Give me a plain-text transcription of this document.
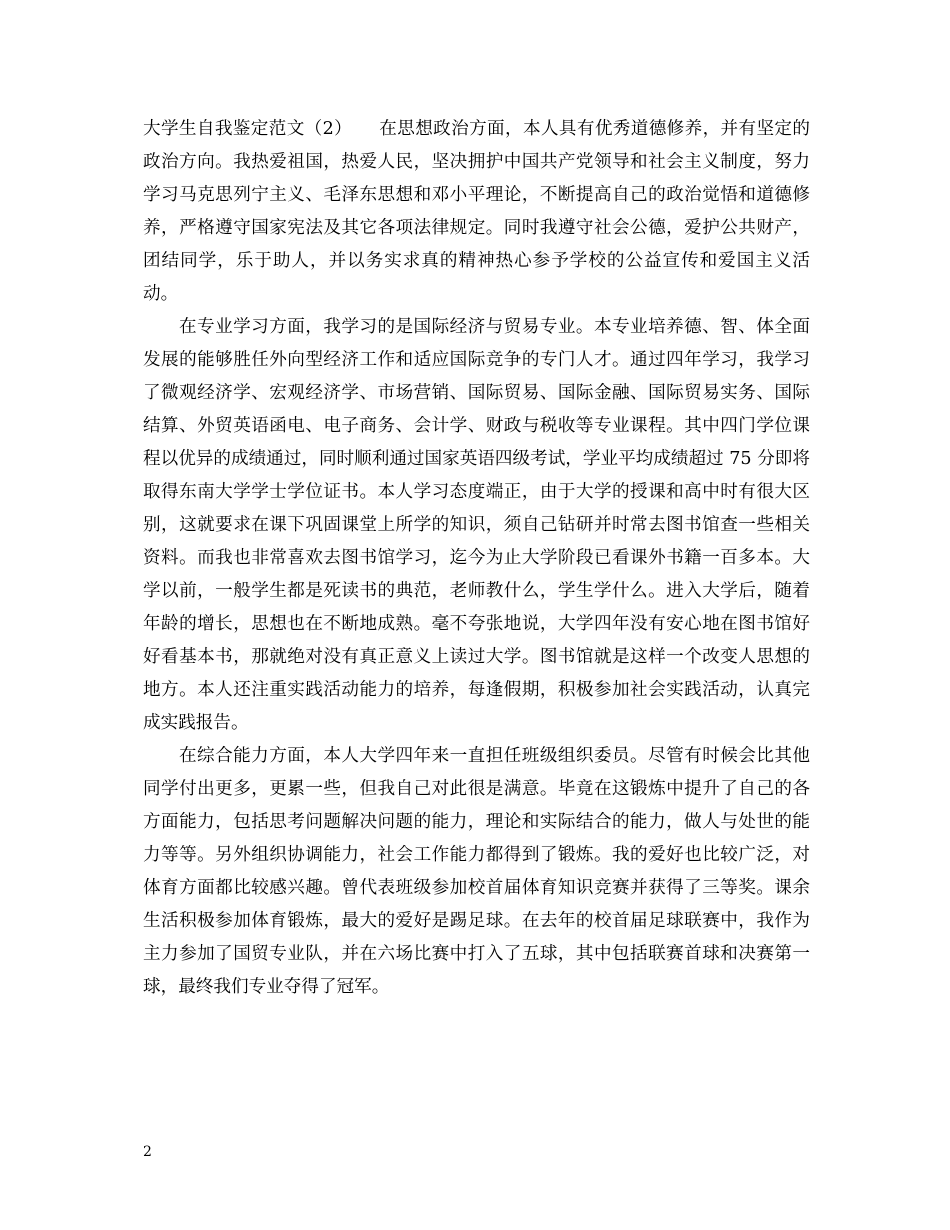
大学生自我鉴定范文（2）　　在思想政治方面，本人具有优秀道德修养，并有坚定的政治方向。我热爱祖国，热爱人民，坚决拥护中国共产党领导和社会主义制度，努力学习马克思列宁主义、毛泽东思想和邓小平理论，不断提高自己的政治觉悟和道德修养，严格遵守国家宪法及其它各项法律规定。同时我遵守社会公德，爱护公共财产，团结同学，乐于助人，并以务实求真的精神热心参予学校的公益宣传和爱国主义活动。

在专业学习方面，我学习的是国际经济与贸易专业。本专业培养德、智、体全面发展的能够胜任外向型经济工作和适应国际竞争的专门人才。通过四年学习，我学习了微观经济学、宏观经济学、市场营销、国际贸易、国际金融、国际贸易实务、国际结算、外贸英语函电、电子商务、会计学、财政与税收等专业课程。其中四门学位课程以优异的成绩通过，同时顺利通过国家英语四级考试，学业平均成绩超过 75 分即将取得东南大学学士学位证书。本人学习态度端正，由于大学的授课和高中时有很大区别，这就要求在课下巩固课堂上所学的知识，须自己钻研并时常去图书馆查一些相关资料。而我也非常喜欢去图书馆学习，迄今为止大学阶段已看课外书籍一百多本。大学以前，一般学生都是死读书的典范，老师教什么，学生学什么。进入大学后，随着年龄的增长，思想也在不断地成熟。毫不夸张地说，大学四年没有安心地在图书馆好好看基本书，那就绝对没有真正意义上读过大学。图书馆就是这样一个改变人思想的地方。本人还注重实践活动能力的培养，每逢假期，积极参加社会实践活动，认真完成实践报告。

在综合能力方面，本人大学四年来一直担任班级组织委员。尽管有时候会比其他同学付出更多，更累一些，但我自己对此很是满意。毕竟在这锻炼中提升了自己的各方面能力，包括思考问题解决问题的能力，理论和实际结合的能力，做人与处世的能力等等。另外组织协调能力，社会工作能力都得到了锻炼。我的爱好也比较广泛，对体育方面都比较感兴趣。曾代表班级参加校首届体育知识竞赛并获得了三等奖。课余生活积极参加体育锻炼，最大的爱好是踢足球。在去年的校首届足球联赛中，我作为主力参加了国贸专业队，并在六场比赛中打入了五球，其中包括联赛首球和决赛第一球，最终我们专业夺得了冠军。

2
